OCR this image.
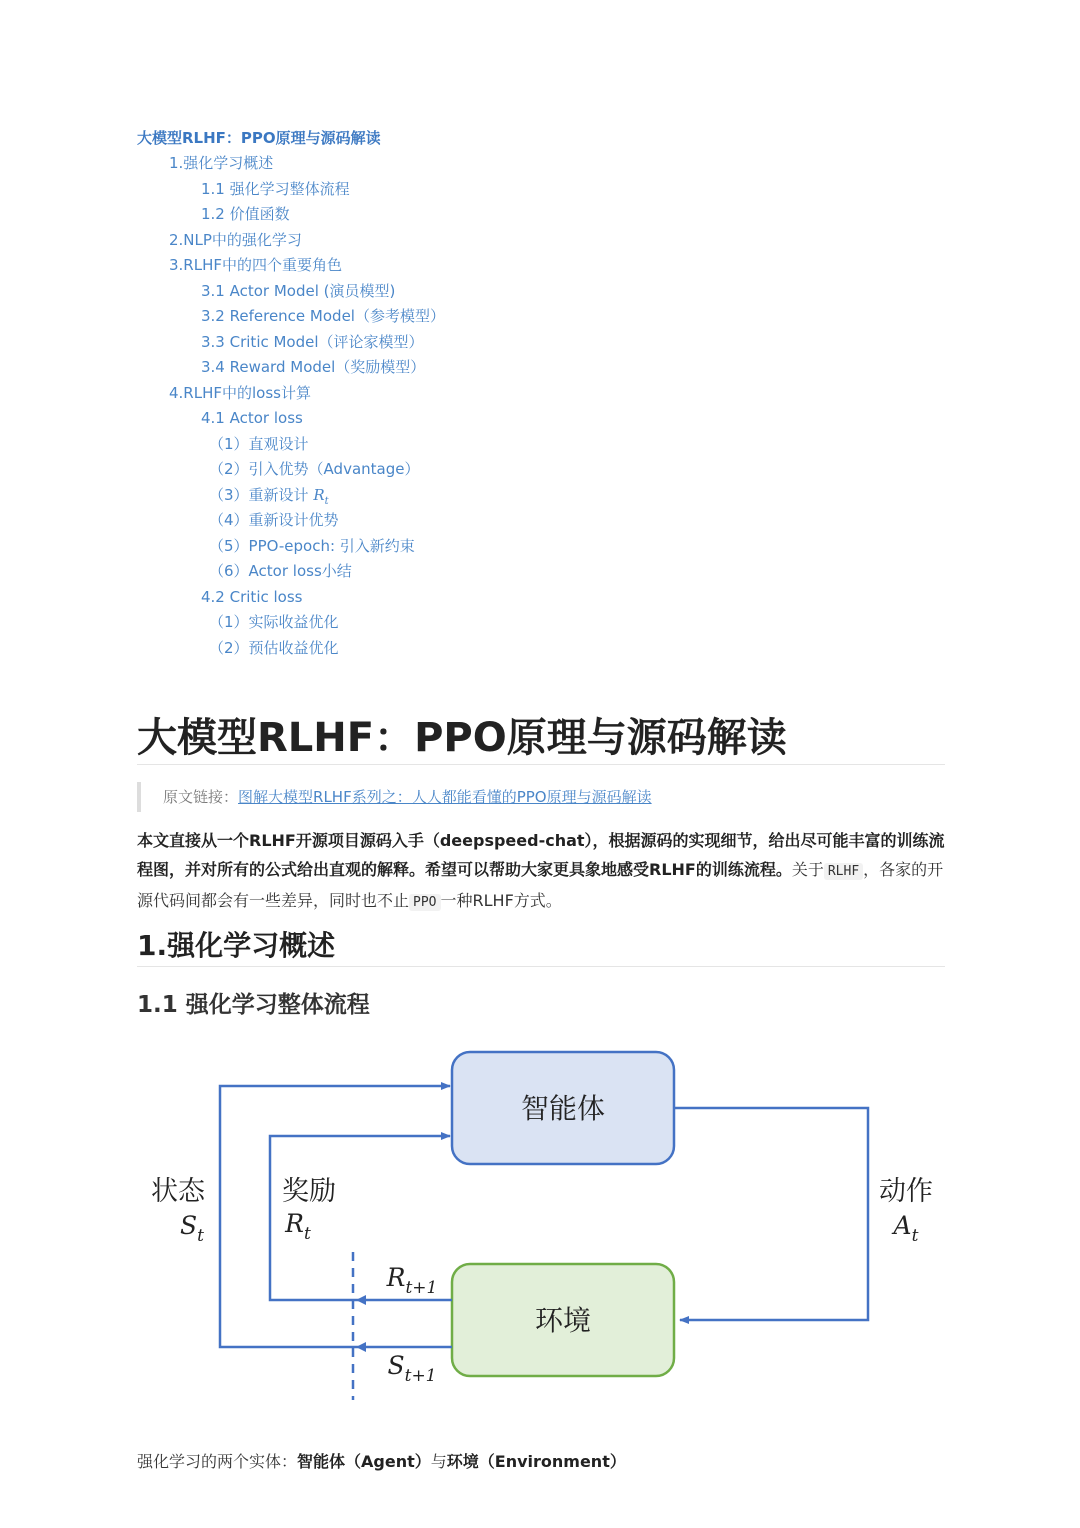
大模型RLHF：PPO原理与源码解读
1.强化学习概述
1.1 强化学习整体流程
1.2 价值函数
2.NLP中的强化学习
3.RLHF中的四个重要角色
3.1 Actor Model (演员模型)
3.2 Reference Model（参考模型）
3.3 Critic Model（评论家模型）
3.4 Reward Model（奖励模型）
4.RLHF中的loss计算
4.1 Actor loss
（1）直观设计
（2）引入优势（Advantage）
（3）重新设计 $R_t$
（4）重新设计优势
（5）PPO-epoch: 引入新约束
（6）Actor loss小结
4.2 Critic loss
（1）实际收益优化
（2）预估收益优化
大模型RLHF：PPO原理与源码解读
原文链接：图解大模型RLHF系列之：人人都能看懂的PPO原理与源码解读
本文直接从一个RLHF开源项目源码入手（deepspeed-chat），根据源码的实现细节，给出尽可能丰富的训练流程图，并对所有的公式给出直观的解释。希望可以帮助大家更具象地感受RLHF的训练流程。关于 RLHF ，各家的开源代码间都会有一些差异，同时也不止 PPO 一种RLHF方式。
1.强化学习概述
1.1 强化学习整体流程
智能体
环境
状态
$S_t$
奖励
$R_t$
动作
$A_t$
$R_{t+1}$
$S_{t+1}$
强化学习的两个实体：智能体（Agent）与环境（Environment）
